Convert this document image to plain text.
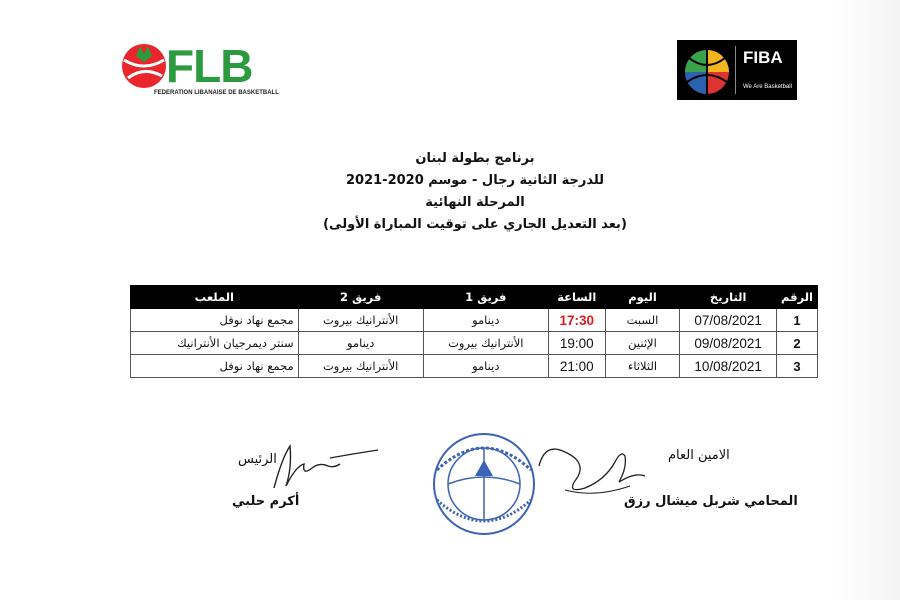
FLB
FEDERATION LIBANAISE DE BASKETBALL
FIBA
We Are Basketball
برنامج بطولة لبنان
للدرجة الثانية رجال - موسم 2020-2021
المرحلة النهائية
(بعد التعديل الجاري على توقيت المباراة الأولى)
الرقم	التاريخ	اليوم	الساعة	فريق 1	فريق 2	الملعب
1	07/08/2021	السبت	17:30	دينامو	الأنترانيك بيروت	مجمع نهاد نوفل
2	09/08/2021	الإثنين	19:00	الأنترانيك بيروت	دينامو	سنتر ديمرجيان الأنترانيك
3	10/08/2021	الثلاثاء	21:00	دينامو	الأنترانيك بيروت	مجمع نهاد نوفل
الامين العام
المحامي شربل ميشال رزق
الرئيس
أكرم حلبي
